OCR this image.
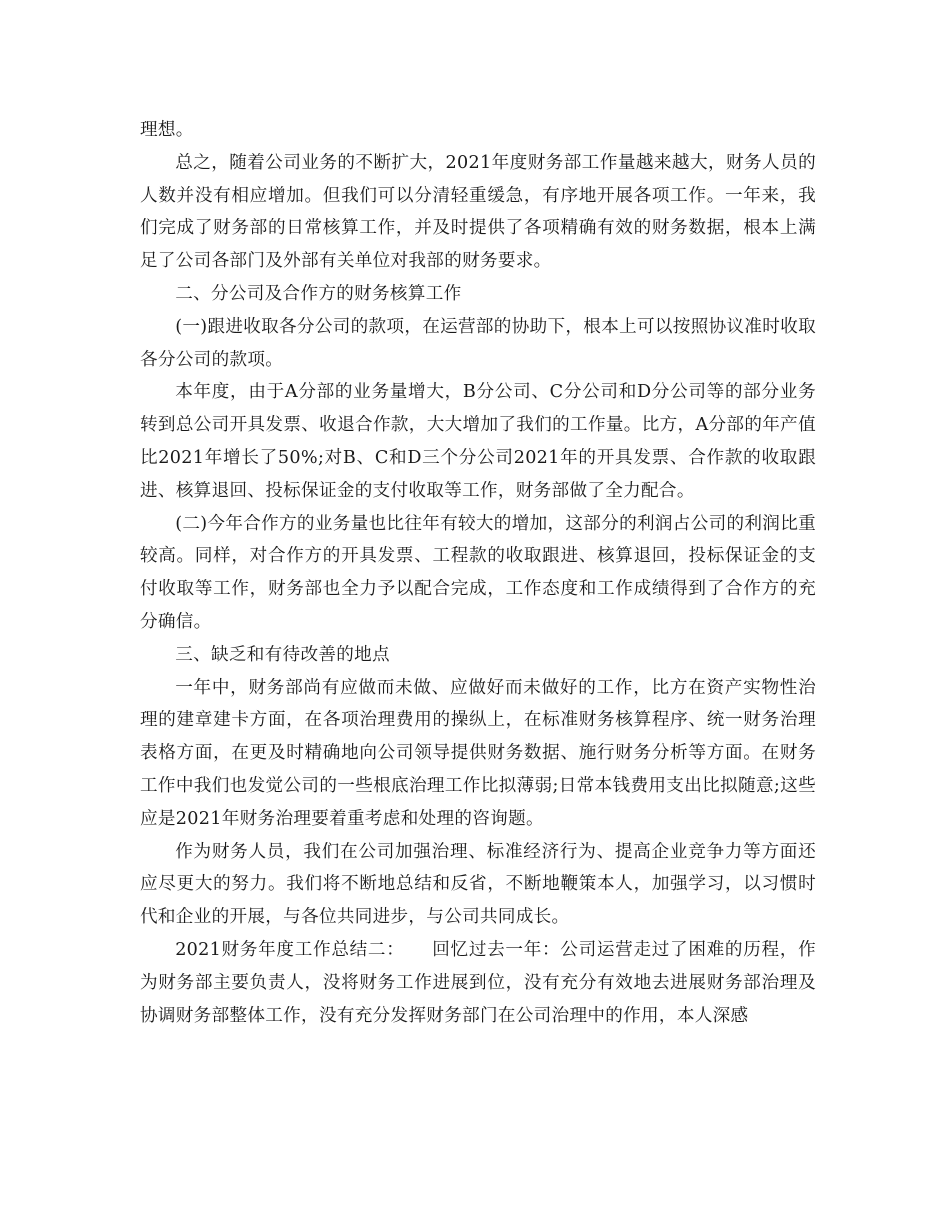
理想。

总之，随着公司业务的不断扩大，2021年度财务部工作量越来越大，财务人员的人数并没有相应增加。但我们可以分清轻重缓急，有序地开展各项工作。一年来，我们完成了财务部的日常核算工作，并及时提供了各项精确有效的财务数据，根本上满足了公司各部门及外部有关单位对我部的财务要求。

二、分公司及合作方的财务核算工作

(一)跟进收取各分公司的款项，在运营部的协助下，根本上可以按照协议准时收取各分公司的款项。

本年度，由于A分部的业务量增大，B分公司、C分公司和D分公司等的部分业务转到总公司开具发票、收退合作款，大大增加了我们的工作量。比方，A分部的年产值比2021年增长了50%;对B、C和D三个分公司2021年的开具发票、合作款的收取跟进、核算退回、投标保证金的支付收取等工作，财务部做了全力配合。

(二)今年合作方的业务量也比往年有较大的增加，这部分的利润占公司的利润比重较高。同样，对合作方的开具发票、工程款的收取跟进、核算退回，投标保证金的支付收取等工作，财务部也全力予以配合完成，工作态度和工作成绩得到了合作方的充分确信。

三、缺乏和有待改善的地点

一年中，财务部尚有应做而未做、应做好而未做好的工作，比方在资产实物性治理的建章建卡方面，在各项治理费用的操纵上，在标准财务核算程序、统一财务治理表格方面，在更及时精确地向公司领导提供财务数据、施行财务分析等方面。在财务工作中我们也发觉公司的一些根底治理工作比拟薄弱;日常本钱费用支出比拟随意;这些应是2021年财务治理要着重考虑和处理的咨询题。

作为财务人员，我们在公司加强治理、标准经济行为、提高企业竞争力等方面还应尽更大的努力。我们将不断地总结和反省，不断地鞭策本人，加强学习，以习惯时代和企业的开展，与各位共同进步，与公司共同成长。

2021财务年度工作总结二：　　回忆过去一年：公司运营走过了困难的历程，作为财务部主要负责人，没将财务工作进展到位，没有充分有效地去进展财务部治理及协调财务部整体工作，没有充分发挥财务部门在公司治理中的作用，本人深感
